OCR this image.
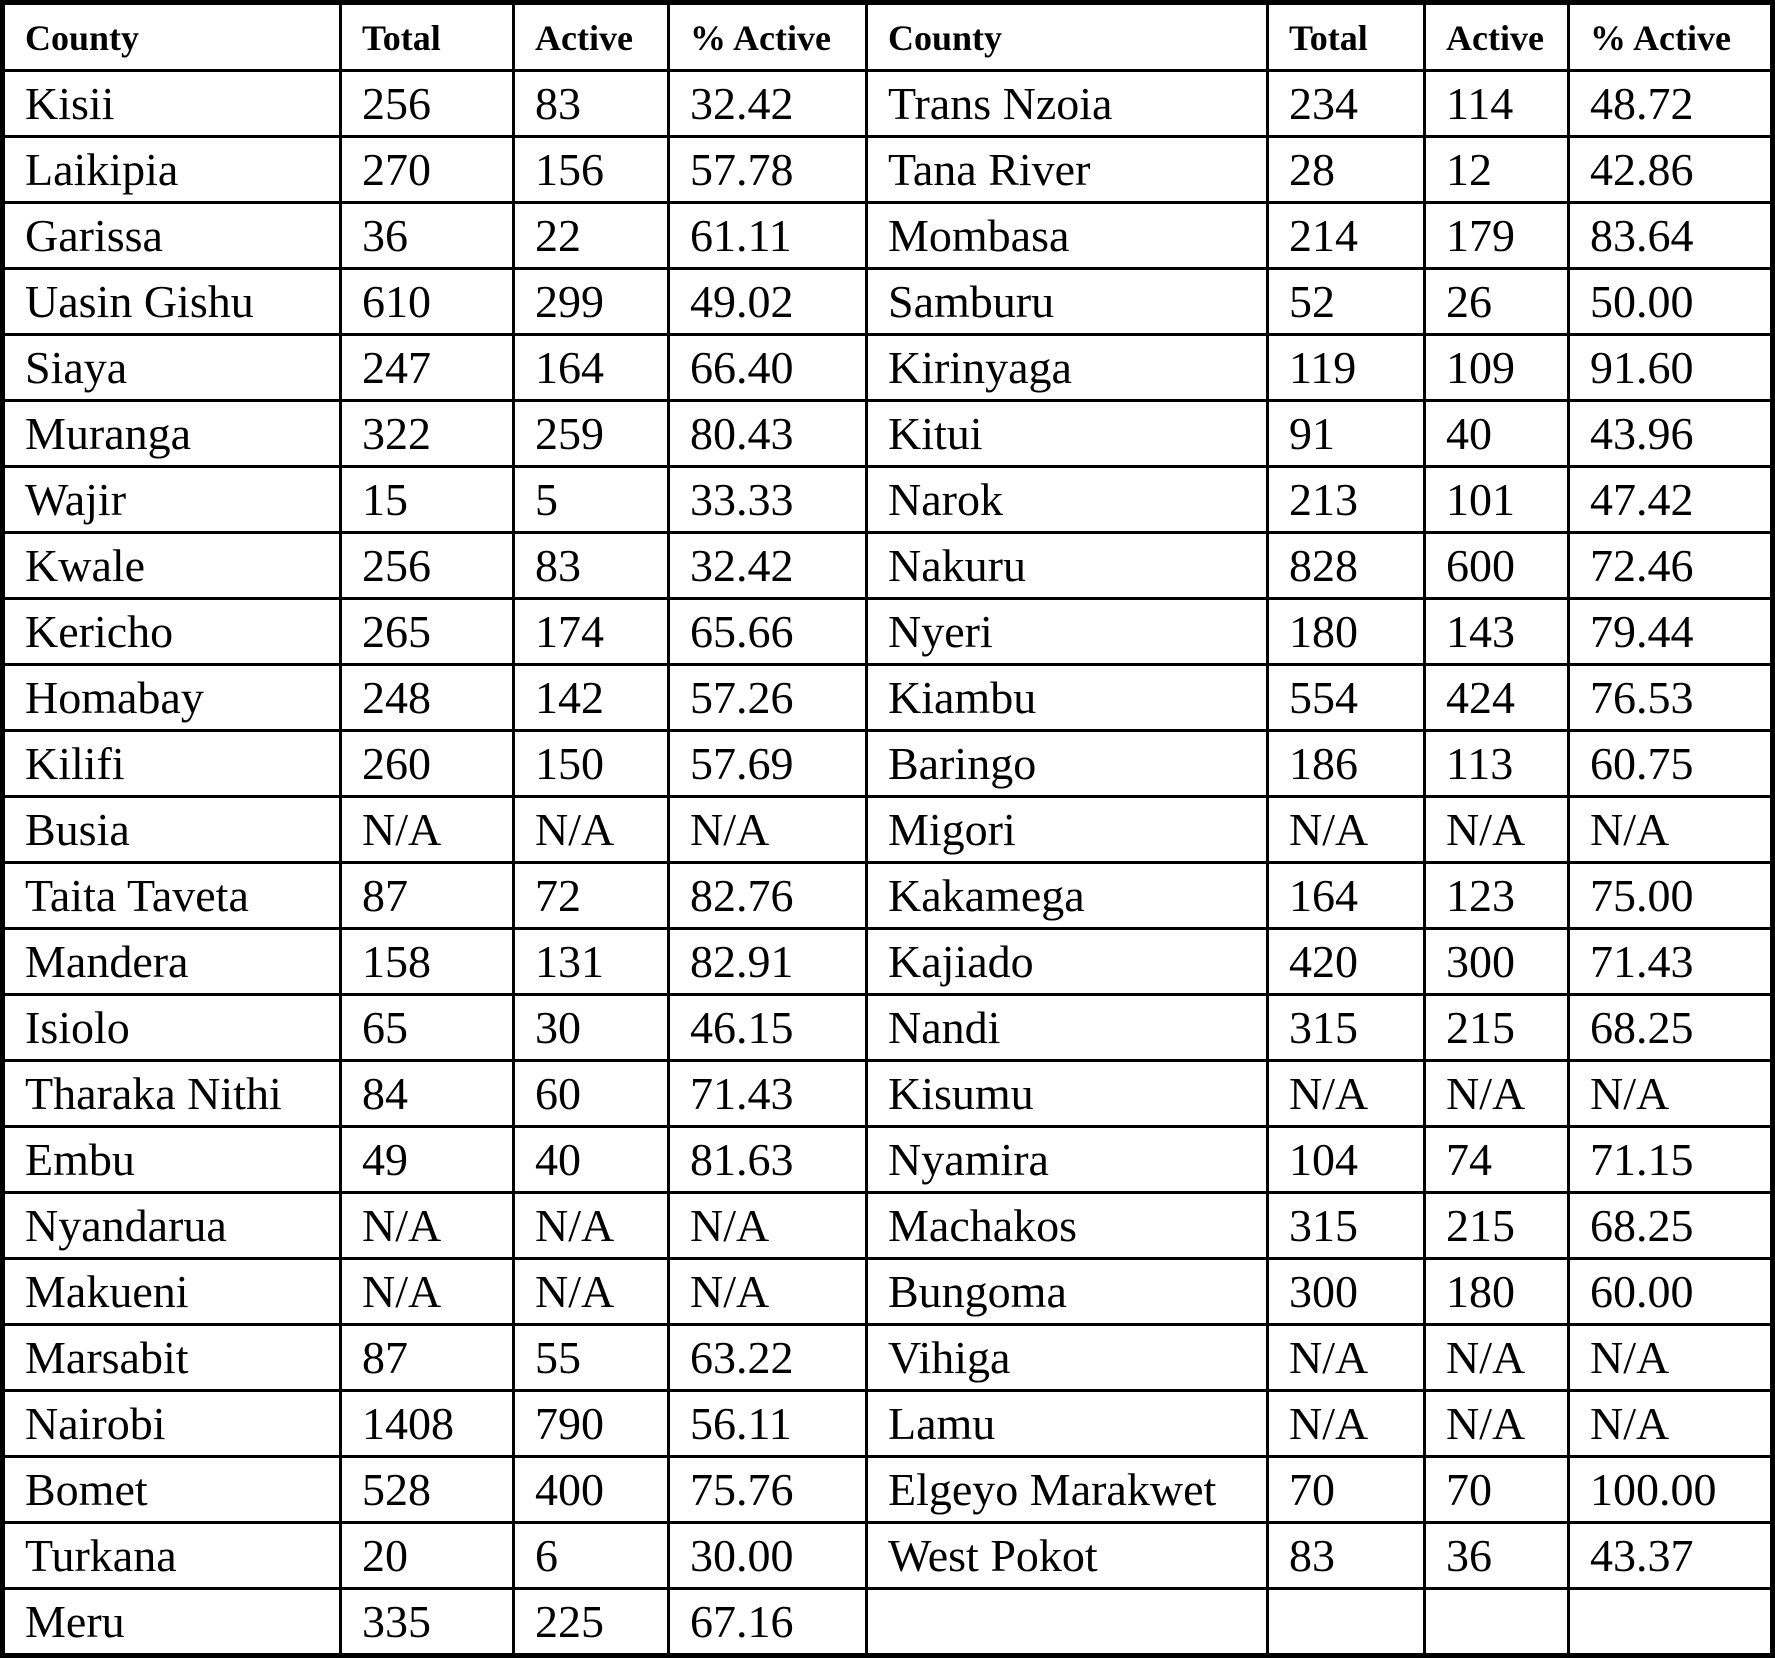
County	Total	Active	% Active	County	Total	Active	% Active
Kisii	256	83	32.42	Trans Nzoia	234	114	48.72
Laikipia	270	156	57.78	Tana River	28	12	42.86
Garissa	36	22	61.11	Mombasa	214	179	83.64
Uasin Gishu	610	299	49.02	Samburu	52	26	50.00
Siaya	247	164	66.40	Kirinyaga	119	109	91.60
Muranga	322	259	80.43	Kitui	91	40	43.96
Wajir	15	5	33.33	Narok	213	101	47.42
Kwale	256	83	32.42	Nakuru	828	600	72.46
Kericho	265	174	65.66	Nyeri	180	143	79.44
Homabay	248	142	57.26	Kiambu	554	424	76.53
Kilifi	260	150	57.69	Baringo	186	113	60.75
Busia	N/A	N/A	N/A	Migori	N/A	N/A	N/A
Taita Taveta	87	72	82.76	Kakamega	164	123	75.00
Mandera	158	131	82.91	Kajiado	420	300	71.43
Isiolo	65	30	46.15	Nandi	315	215	68.25
Tharaka Nithi	84	60	71.43	Kisumu	N/A	N/A	N/A
Embu	49	40	81.63	Nyamira	104	74	71.15
Nyandarua	N/A	N/A	N/A	Machakos	315	215	68.25
Makueni	N/A	N/A	N/A	Bungoma	300	180	60.00
Marsabit	87	55	63.22	Vihiga	N/A	N/A	N/A
Nairobi	1408	790	56.11	Lamu	N/A	N/A	N/A
Bomet	528	400	75.76	Elgeyo Marakwet	70	70	100.00
Turkana	20	6	30.00	West Pokot	83	36	43.37
Meru	335	225	67.16				
